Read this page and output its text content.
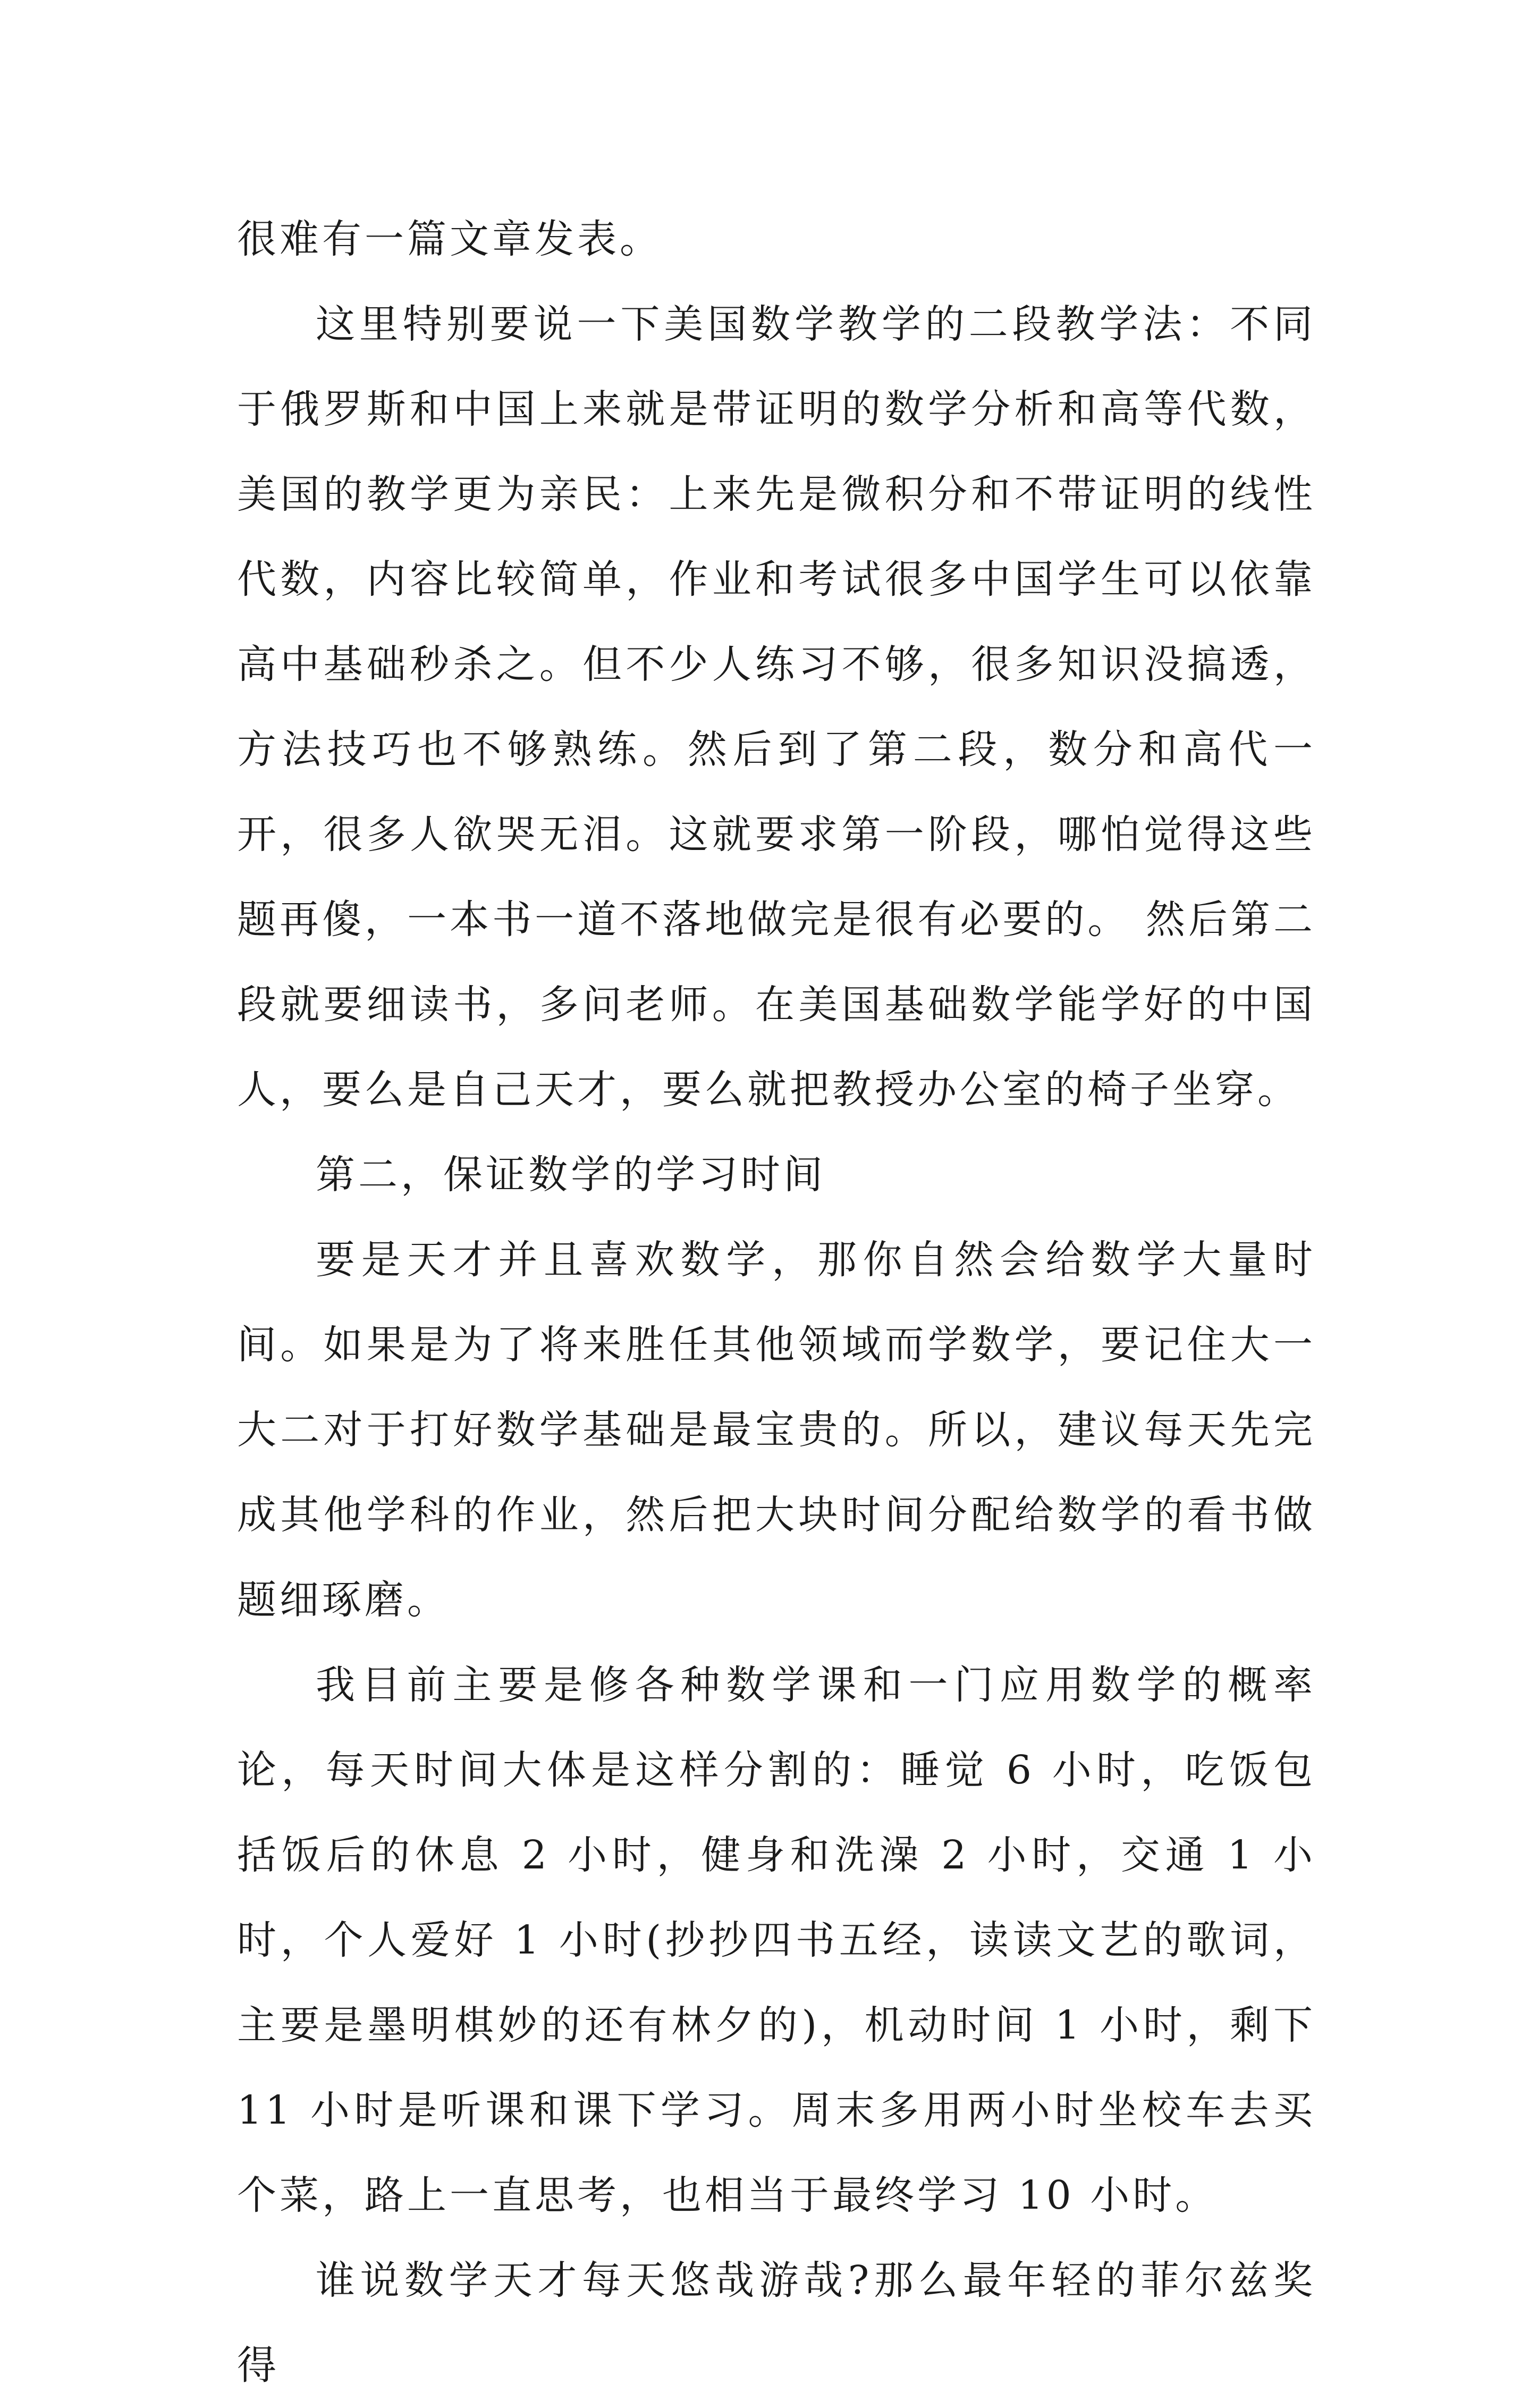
很难有一篇文章发表。

这里特别要说一下美国数学教学的二段教学法：不同于俄罗斯和中国上来就是带证明的数学分析和高等代数，美国的教学更为亲民：上来先是微积分和不带证明的线性代数，内容比较简单，作业和考试很多中国学生可以依靠高中基础秒杀之。但不少人练习不够，很多知识没搞透，方法技巧也不够熟练。然后到了第二段，数分和高代一开，很多人欲哭无泪。这就要求第一阶段，哪怕觉得这些题再傻，一本书一道不落地做完是很有必要的。 然后第二段就要细读书，多问老师。在美国基础数学能学好的中国人，要么是自己天才，要么就把教授办公室的椅子坐穿。

第二，保证数学的学习时间

要是天才并且喜欢数学，那你自然会给数学大量时间。如果是为了将来胜任其他领域而学数学，要记住大一大二对于打好数学基础是最宝贵的。所以，建议每天先完成其他学科的作业，然后把大块时间分配给数学的看书做题细琢磨。

我目前主要是修各种数学课和一门应用数学的概率论，每天时间大体是这样分割的：睡觉 6 小时，吃饭包括饭后的休息 2 小时，健身和洗澡 2 小时，交通 1 小时，个人爱好 1 小时(抄抄四书五经，读读文艺的歌词，主要是墨明棋妙的还有林夕的)，机动时间 1 小时，剩下 11 小时是听课和课下学习。周末多用两小时坐校车去买个菜，路上一直思考，也相当于最终学习 10 小时。

谁说数学天才每天悠哉游哉?那么最年轻的菲尔兹奖得
